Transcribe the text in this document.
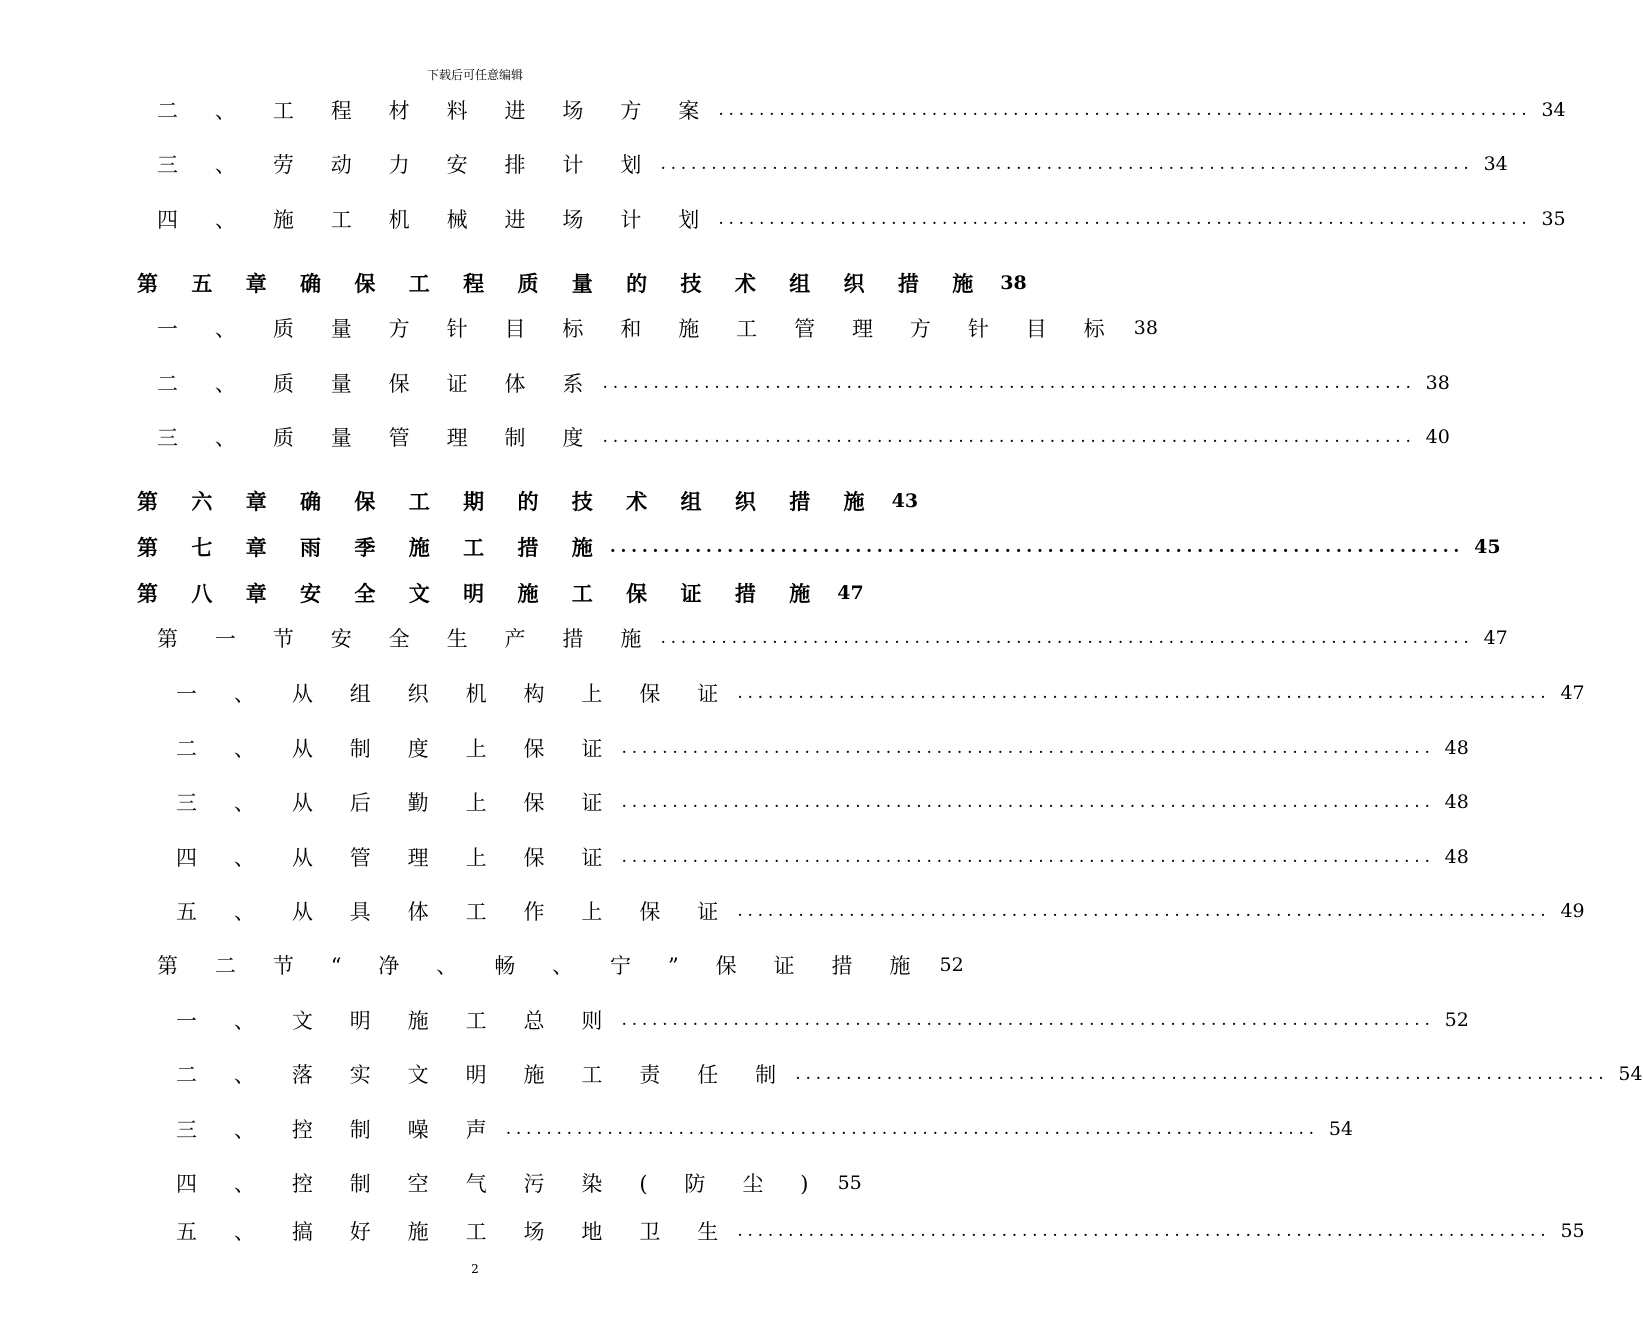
下载后可任意编辑
二 、 工 程 材 料 进 场 方 案 ................................................................................ 34
三 、 劳 动 力 安 排 计 划 ................................................................................ 34
四 、 施 工 机 械 进 场 计 划 ................................................................................ 35
第 五 章 确 保 工 程 质 量 的 技 术 组 织 措 施 38
一 、 质 量 方 针 目 标 和 施 工 管 理 方 针 目 标 38
二 、 质 量 保 证 体 系 ................................................................................ 38
三 、 质 量 管 理 制 度 ................................................................................ 40
第 六 章 确 保 工 期 的 技 术 组 织 措 施 43
第 七 章 雨 季 施 工 措 施 ................................................................................ 45
第 八 章 安 全 文 明 施 工 保 证 措 施 47
第 一 节 安 全 生 产 措 施 ................................................................................ 47
一 、 从 组 织 机 构 上 保 证 ................................................................................ 47
二 、 从 制 度 上 保 证 ................................................................................ 48
三 、 从 后 勤 上 保 证 ................................................................................ 48
四 、 从 管 理 上 保 证 ................................................................................ 48
五 、 从 具 体 工 作 上 保 证 ................................................................................ 49
第 二 节 “ 净 、 畅 、 宁 ” 保 证 措 施 52
一 、 文 明 施 工 总 则 ................................................................................ 52
二 、 落 实 文 明 施 工 责 任 制 ................................................................................ 54
三 、 控 制 噪 声 ................................................................................ 54
四 、 控 制 空 气 污 染 ( 防 尘 ) 55
五 、 搞 好 施 工 场 地 卫 生 ................................................................................ 55
2
